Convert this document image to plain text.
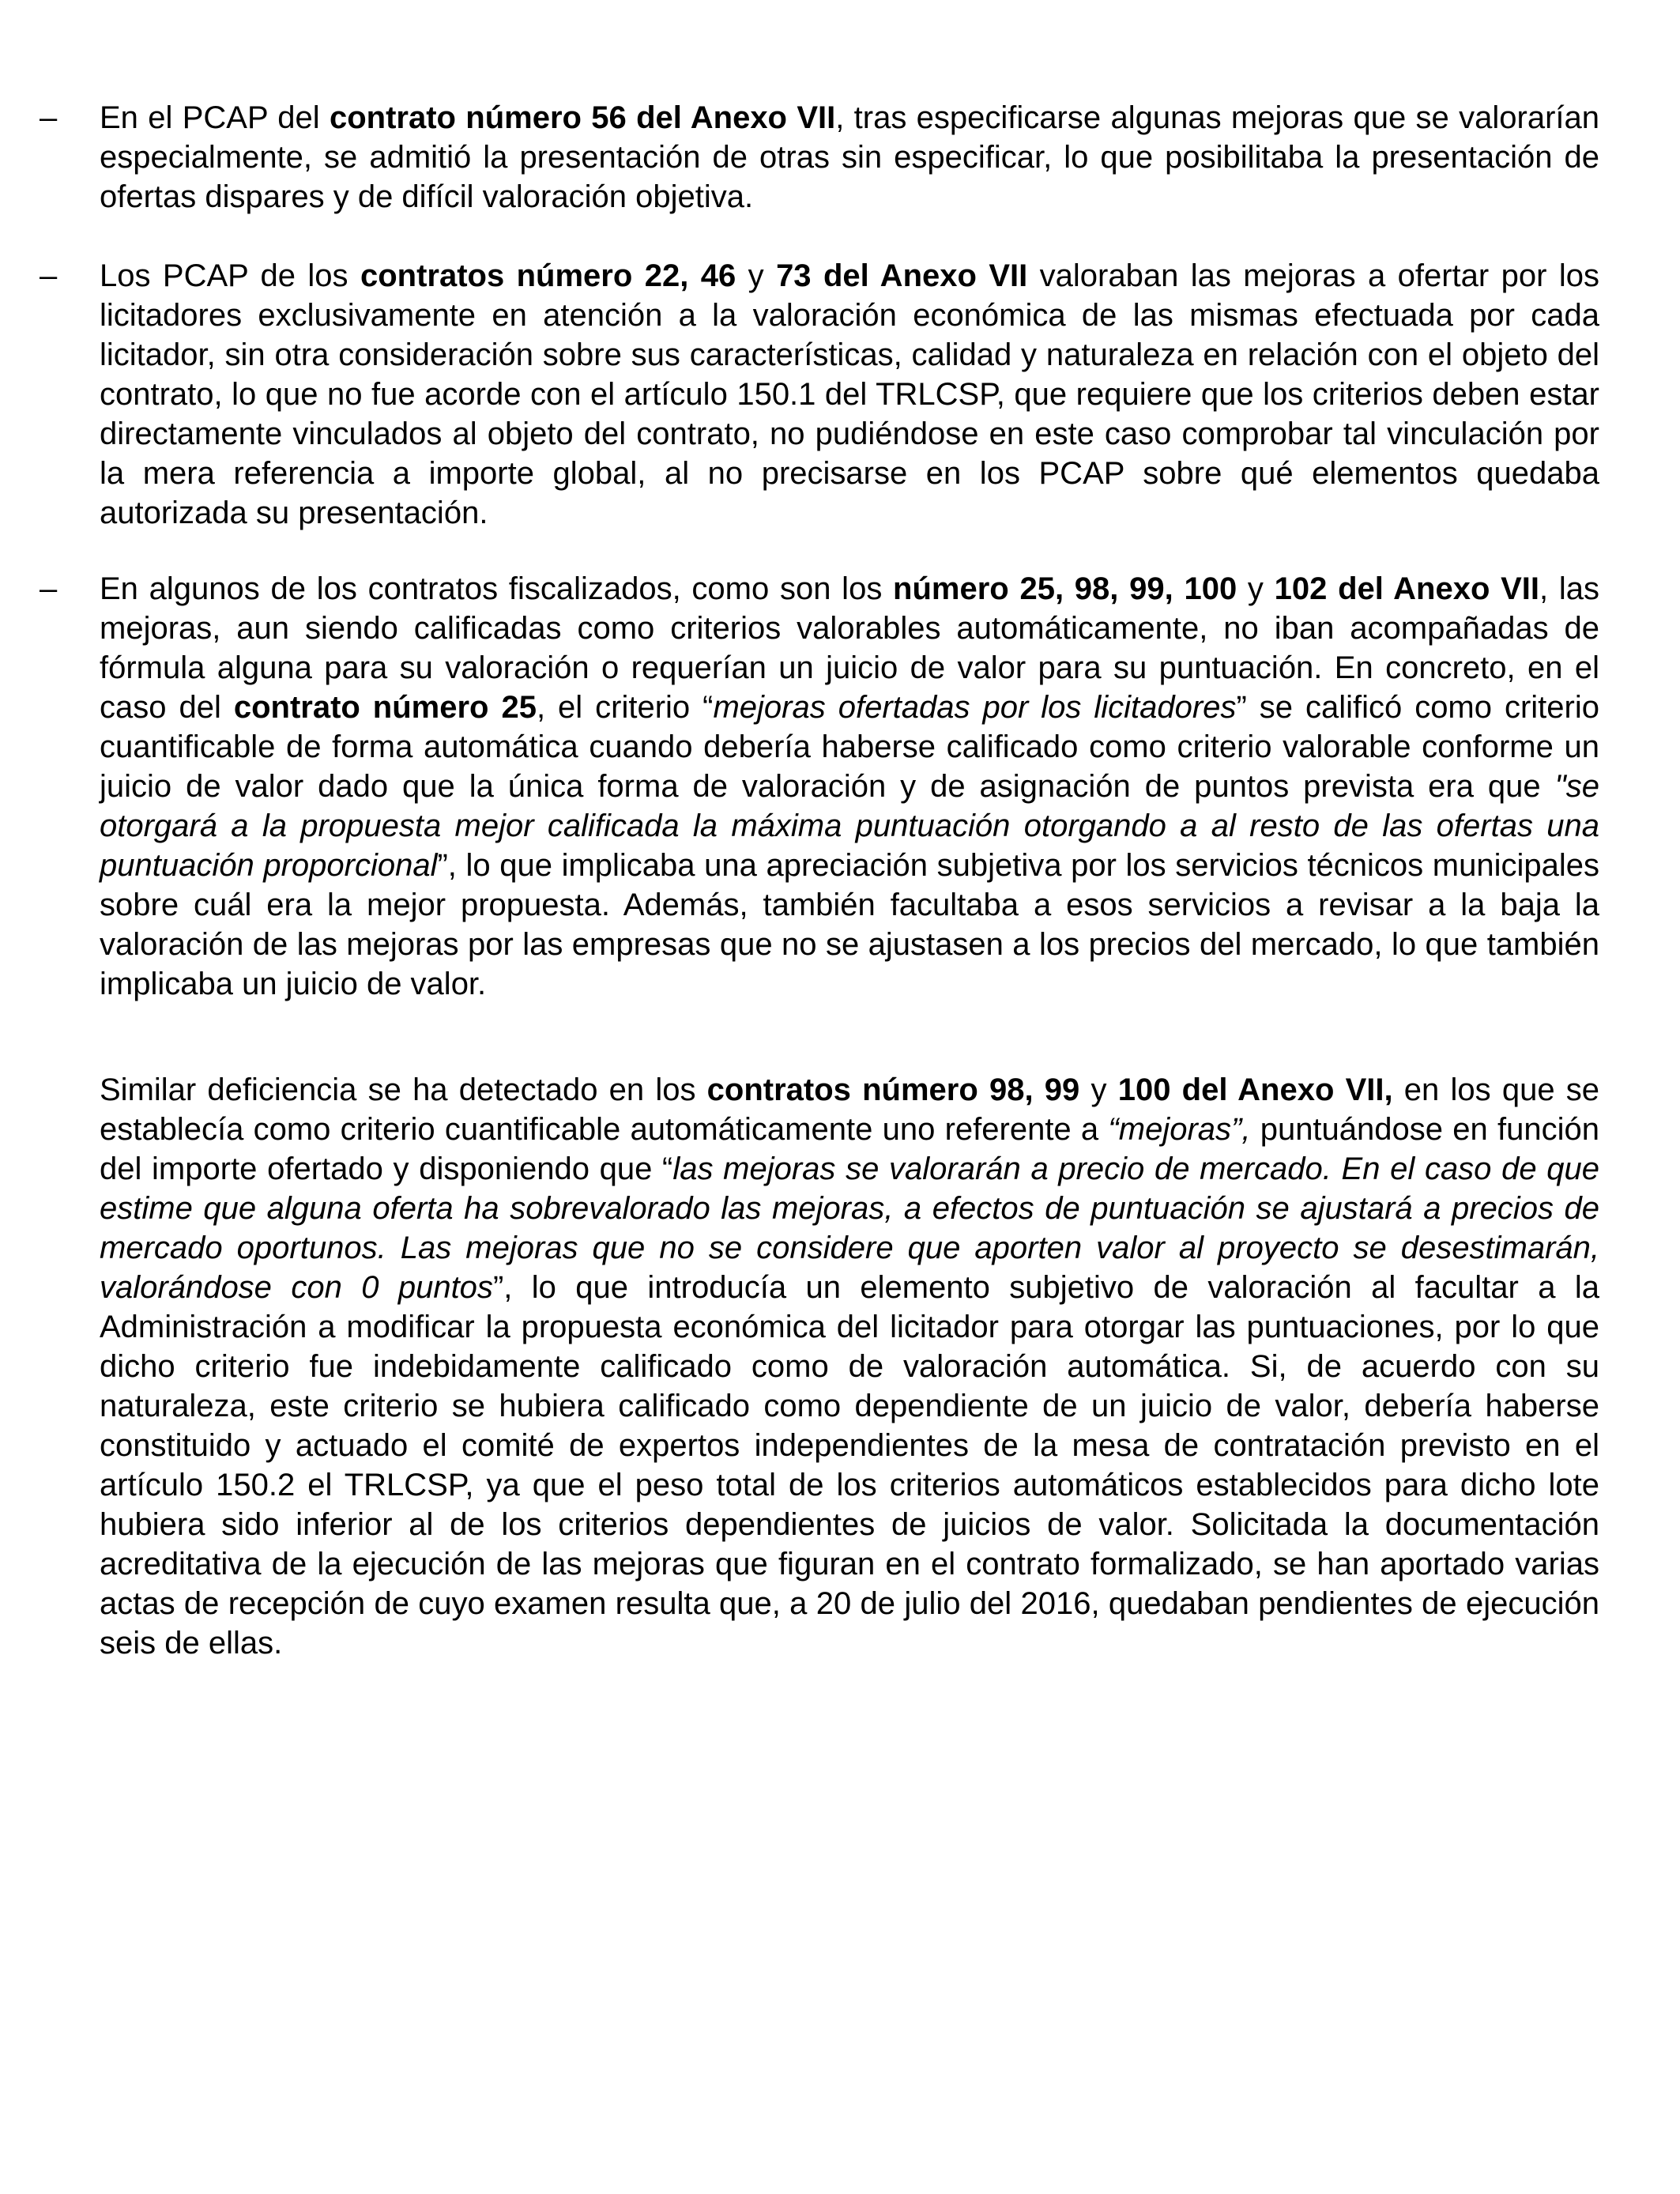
– En el PCAP del contrato número 56 del Anexo VII, tras especificarse algunas mejoras que se valorarían especialmente, se admitió la presentación de otras sin especificar, lo que posibilitaba la presentación de ofertas dispares y de difícil valoración objetiva.

– Los PCAP de los contratos número 22, 46 y 73 del Anexo VII valoraban las mejoras a ofertar por los licitadores exclusivamente en atención a la valoración económica de las mismas efectuada por cada licitador, sin otra consideración sobre sus características, calidad y naturaleza en relación con el objeto del contrato, lo que no fue acorde con el artículo 150.1 del TRLCSP, que requiere que los criterios deben estar directamente vinculados al objeto del contrato, no pudiéndose en este caso comprobar tal vinculación por la mera referencia a importe global, al no precisarse en los PCAP sobre qué elementos quedaba autorizada su presentación.

– En algunos de los contratos fiscalizados, como son los número 25, 98, 99, 100 y 102 del Anexo VII, las mejoras, aun siendo calificadas como criterios valorables automáticamente, no iban acompañadas de fórmula alguna para su valoración o requerían un juicio de valor para su puntuación. En concreto, en el caso del contrato número 25, el criterio “mejoras ofertadas por los licitadores” se calificó como criterio cuantificable de forma automática cuando debería haberse calificado como criterio valorable conforme un juicio de valor dado que la única forma de valoración y de asignación de puntos prevista era que "se otorgará a la propuesta mejor calificada la máxima puntuación otorgando a al resto de las ofertas una puntuación proporcional”, lo que implicaba una apreciación subjetiva por los servicios técnicos municipales sobre cuál era la mejor propuesta. Además, también facultaba a esos servicios a revisar a la baja la valoración de las mejoras por las empresas que no se ajustasen a los precios del mercado, lo que también implicaba un juicio de valor.

Similar deficiencia se ha detectado en los contratos número 98, 99 y 100 del Anexo VII, en los que se establecía como criterio cuantificable automáticamente uno referente a “mejoras”, puntuándose en función del importe ofertado y disponiendo que “las mejoras se valorarán a precio de mercado. En el caso de que estime que alguna oferta ha sobrevalorado las mejoras, a efectos de puntuación se ajustará a precios de mercado oportunos. Las mejoras que no se considere que aporten valor al proyecto se desestimarán, valorándose con 0 puntos”, lo que introducía un elemento subjetivo de valoración al facultar a la Administración a modificar la propuesta económica del licitador para otorgar las puntuaciones, por lo que dicho criterio fue indebidamente calificado como de valoración automática. Si, de acuerdo con su naturaleza, este criterio se hubiera calificado como dependiente de un juicio de valor, debería haberse constituido y actuado el comité de expertos independientes de la mesa de contratación previsto en el artículo 150.2 el TRLCSP, ya que el peso total de los criterios automáticos establecidos para dicho lote hubiera sido inferior al de los criterios dependientes de juicios de valor. Solicitada la documentación acreditativa de la ejecución de las mejoras que figuran en el contrato formalizado, se han aportado varias actas de recepción de cuyo examen resulta que, a 20 de julio del 2016, quedaban pendientes de ejecución seis de ellas.
